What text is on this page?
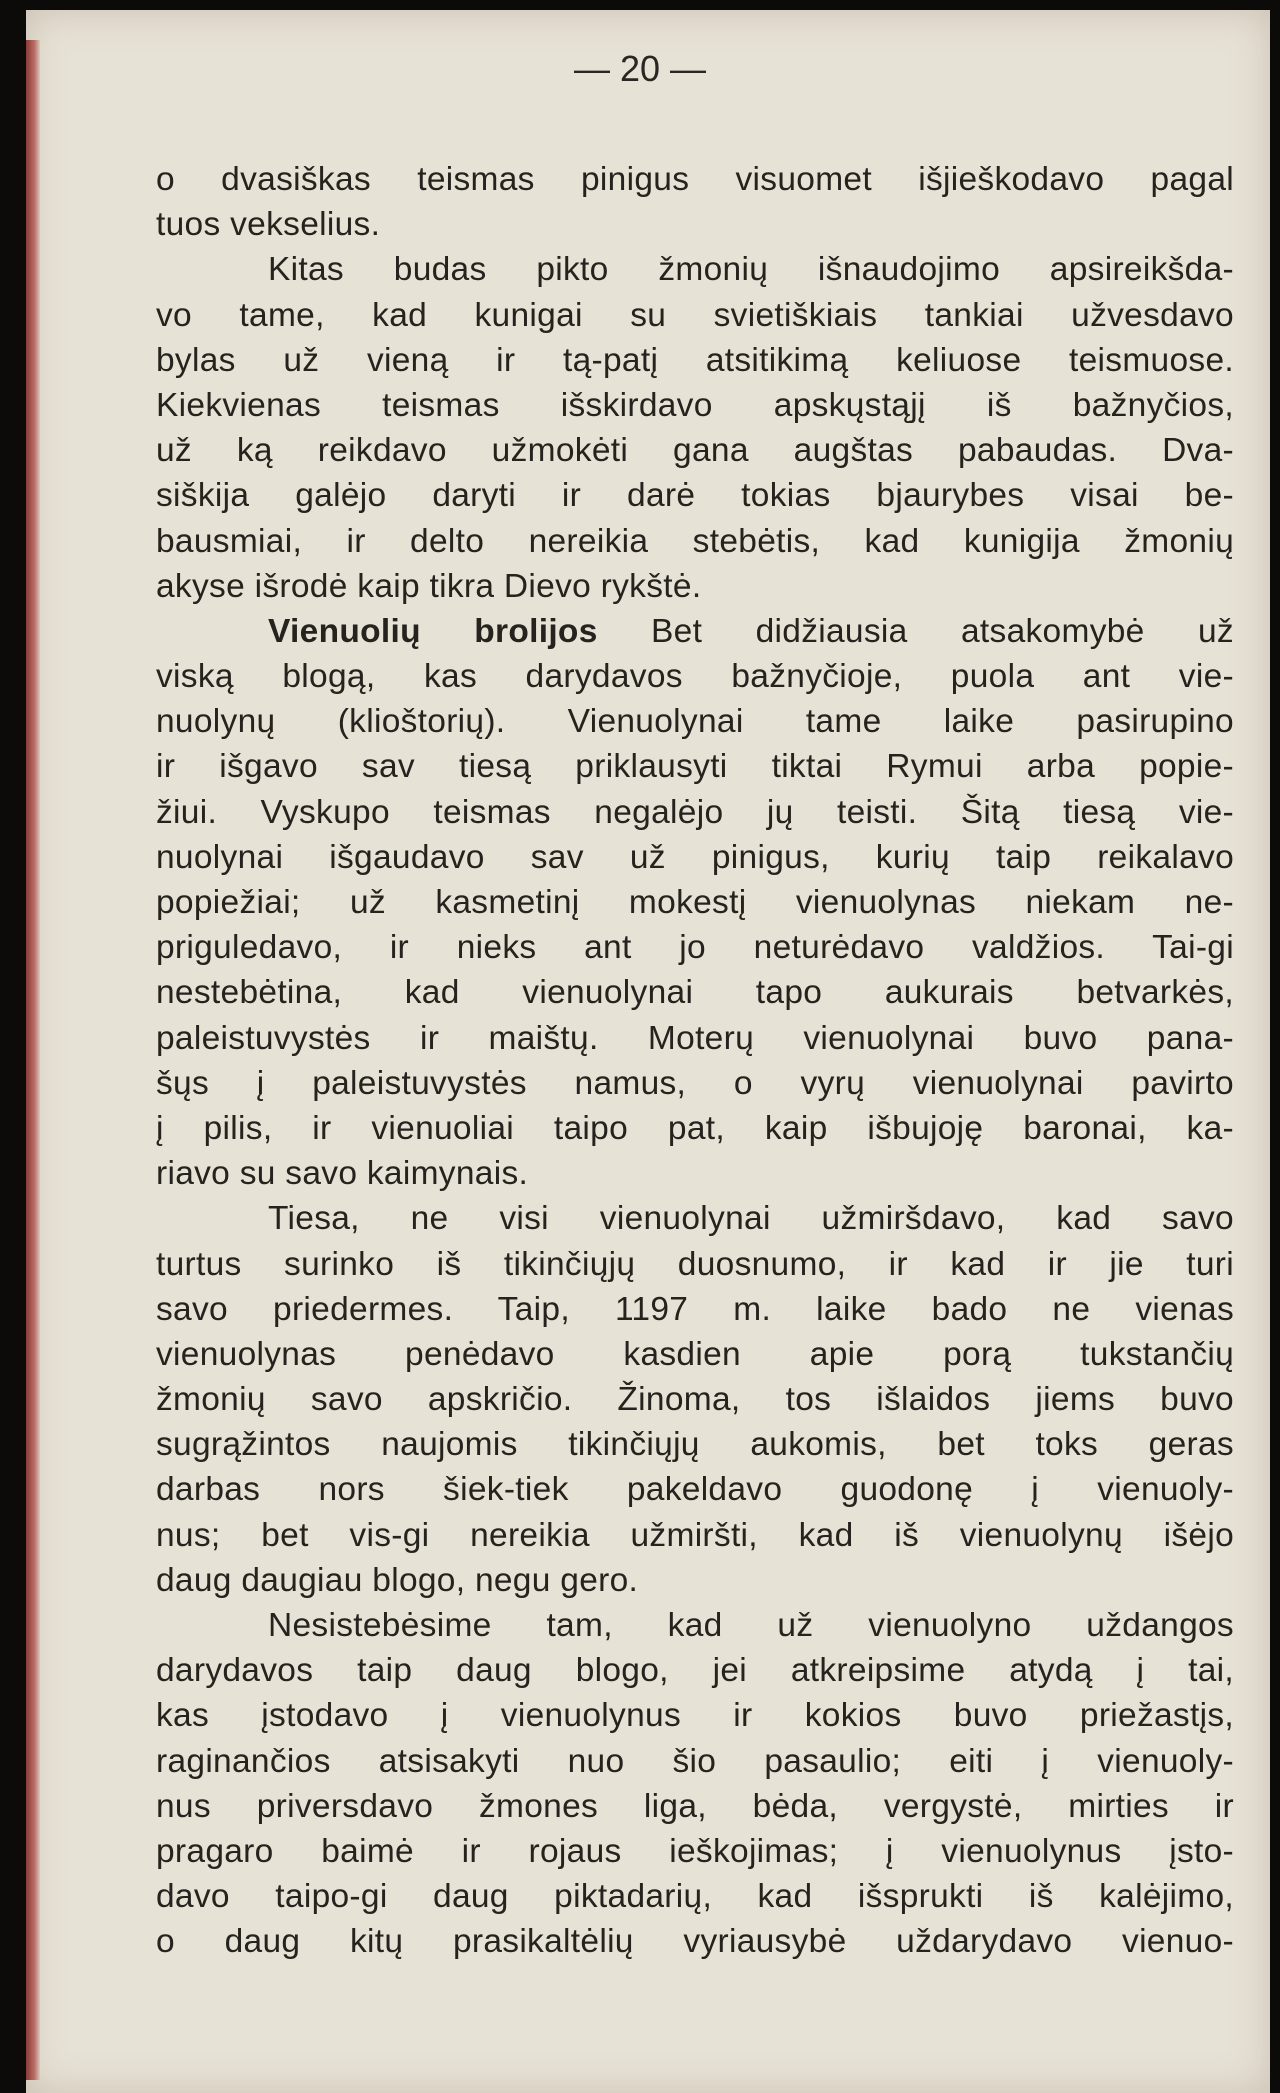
— 20 —
o dvasiškas teismas pinigus visuomet išjieškodavo pagal
tuos vekselius.
Kitas budas pikto žmonių išnaudojimo apsireikšda-
vo tame, kad kunigai su svietiškiais tankiai užvesdavo
bylas už vieną ir tą-patį atsitikimą keliuose teismuose.
Kiekvienas teismas išskirdavo apskųstąjį iš bažnyčios,
už ką reikdavo užmokėti gana augštas pabaudas. Dva-
siškija galėjo daryti ir darė tokias bjaurybes visai be-
bausmiai, ir delto nereikia stebėtis, kad kunigija žmonių
akyse išrodė kaip tikra Dievo rykštė.
Vienuolių brolijos Bet didžiausia atsakomybė už
viską blogą, kas darydavos bažnyčioje, puola ant vie-
nuolynų (klioštorių). Vienuolynai tame laike pasirupino
ir išgavo sav tiesą priklausyti tiktai Rymui arba popie-
žiui. Vyskupo teismas negalėjo jų teisti. Šitą tiesą vie-
nuolynai išgaudavo sav už pinigus, kurių taip reikalavo
popiežiai; už kasmetinį mokestį vienuolynas niekam ne-
priguledavo, ir nieks ant jo neturėdavo valdžios. Tai-gi
nestebėtina, kad vienuolynai tapo aukurais betvarkės,
paleistuvystės ir maištų. Moterų vienuolynai buvo pana-
šųs į paleistuvystės namus, o vyrų vienuolynai pavirto
į pilis, ir vienuoliai taipo pat, kaip išbujoję baronai, ka-
riavo su savo kaimynais.
Tiesa, ne visi vienuolynai užmiršdavo, kad savo
turtus surinko iš tikinčiųjų duosnumo, ir kad ir jie turi
savo priedermes. Taip, 1197 m. laike bado ne vienas
vienuolynas penėdavo kasdien apie porą tukstančių
žmonių savo apskričio. Žinoma, tos išlaidos jiems buvo
sugrąžintos naujomis tikinčiųjų aukomis, bet toks geras
darbas nors šiek-tiek pakeldavo guodonę į vienuoly-
nus; bet vis-gi nereikia užmiršti, kad iš vienuolynų išėjo
daug daugiau blogo, negu gero.
Nesistebėsime tam, kad už vienuolyno uždangos
darydavos taip daug blogo, jei atkreipsime atydą į tai,
kas įstodavo į vienuolynus ir kokios buvo priežastįs,
raginančios atsisakyti nuo šio pasaulio; eiti į vienuoly-
nus priversdavo žmones liga, bėda, vergystė, mirties ir
pragaro baimė ir rojaus ieškojimas; į vienuolynus įsto-
davo taipo-gi daug piktadarių, kad išsprukti iš kalėjimo,
o daug kitų prasikaltėlių vyriausybė uždarydavo vienuo-
